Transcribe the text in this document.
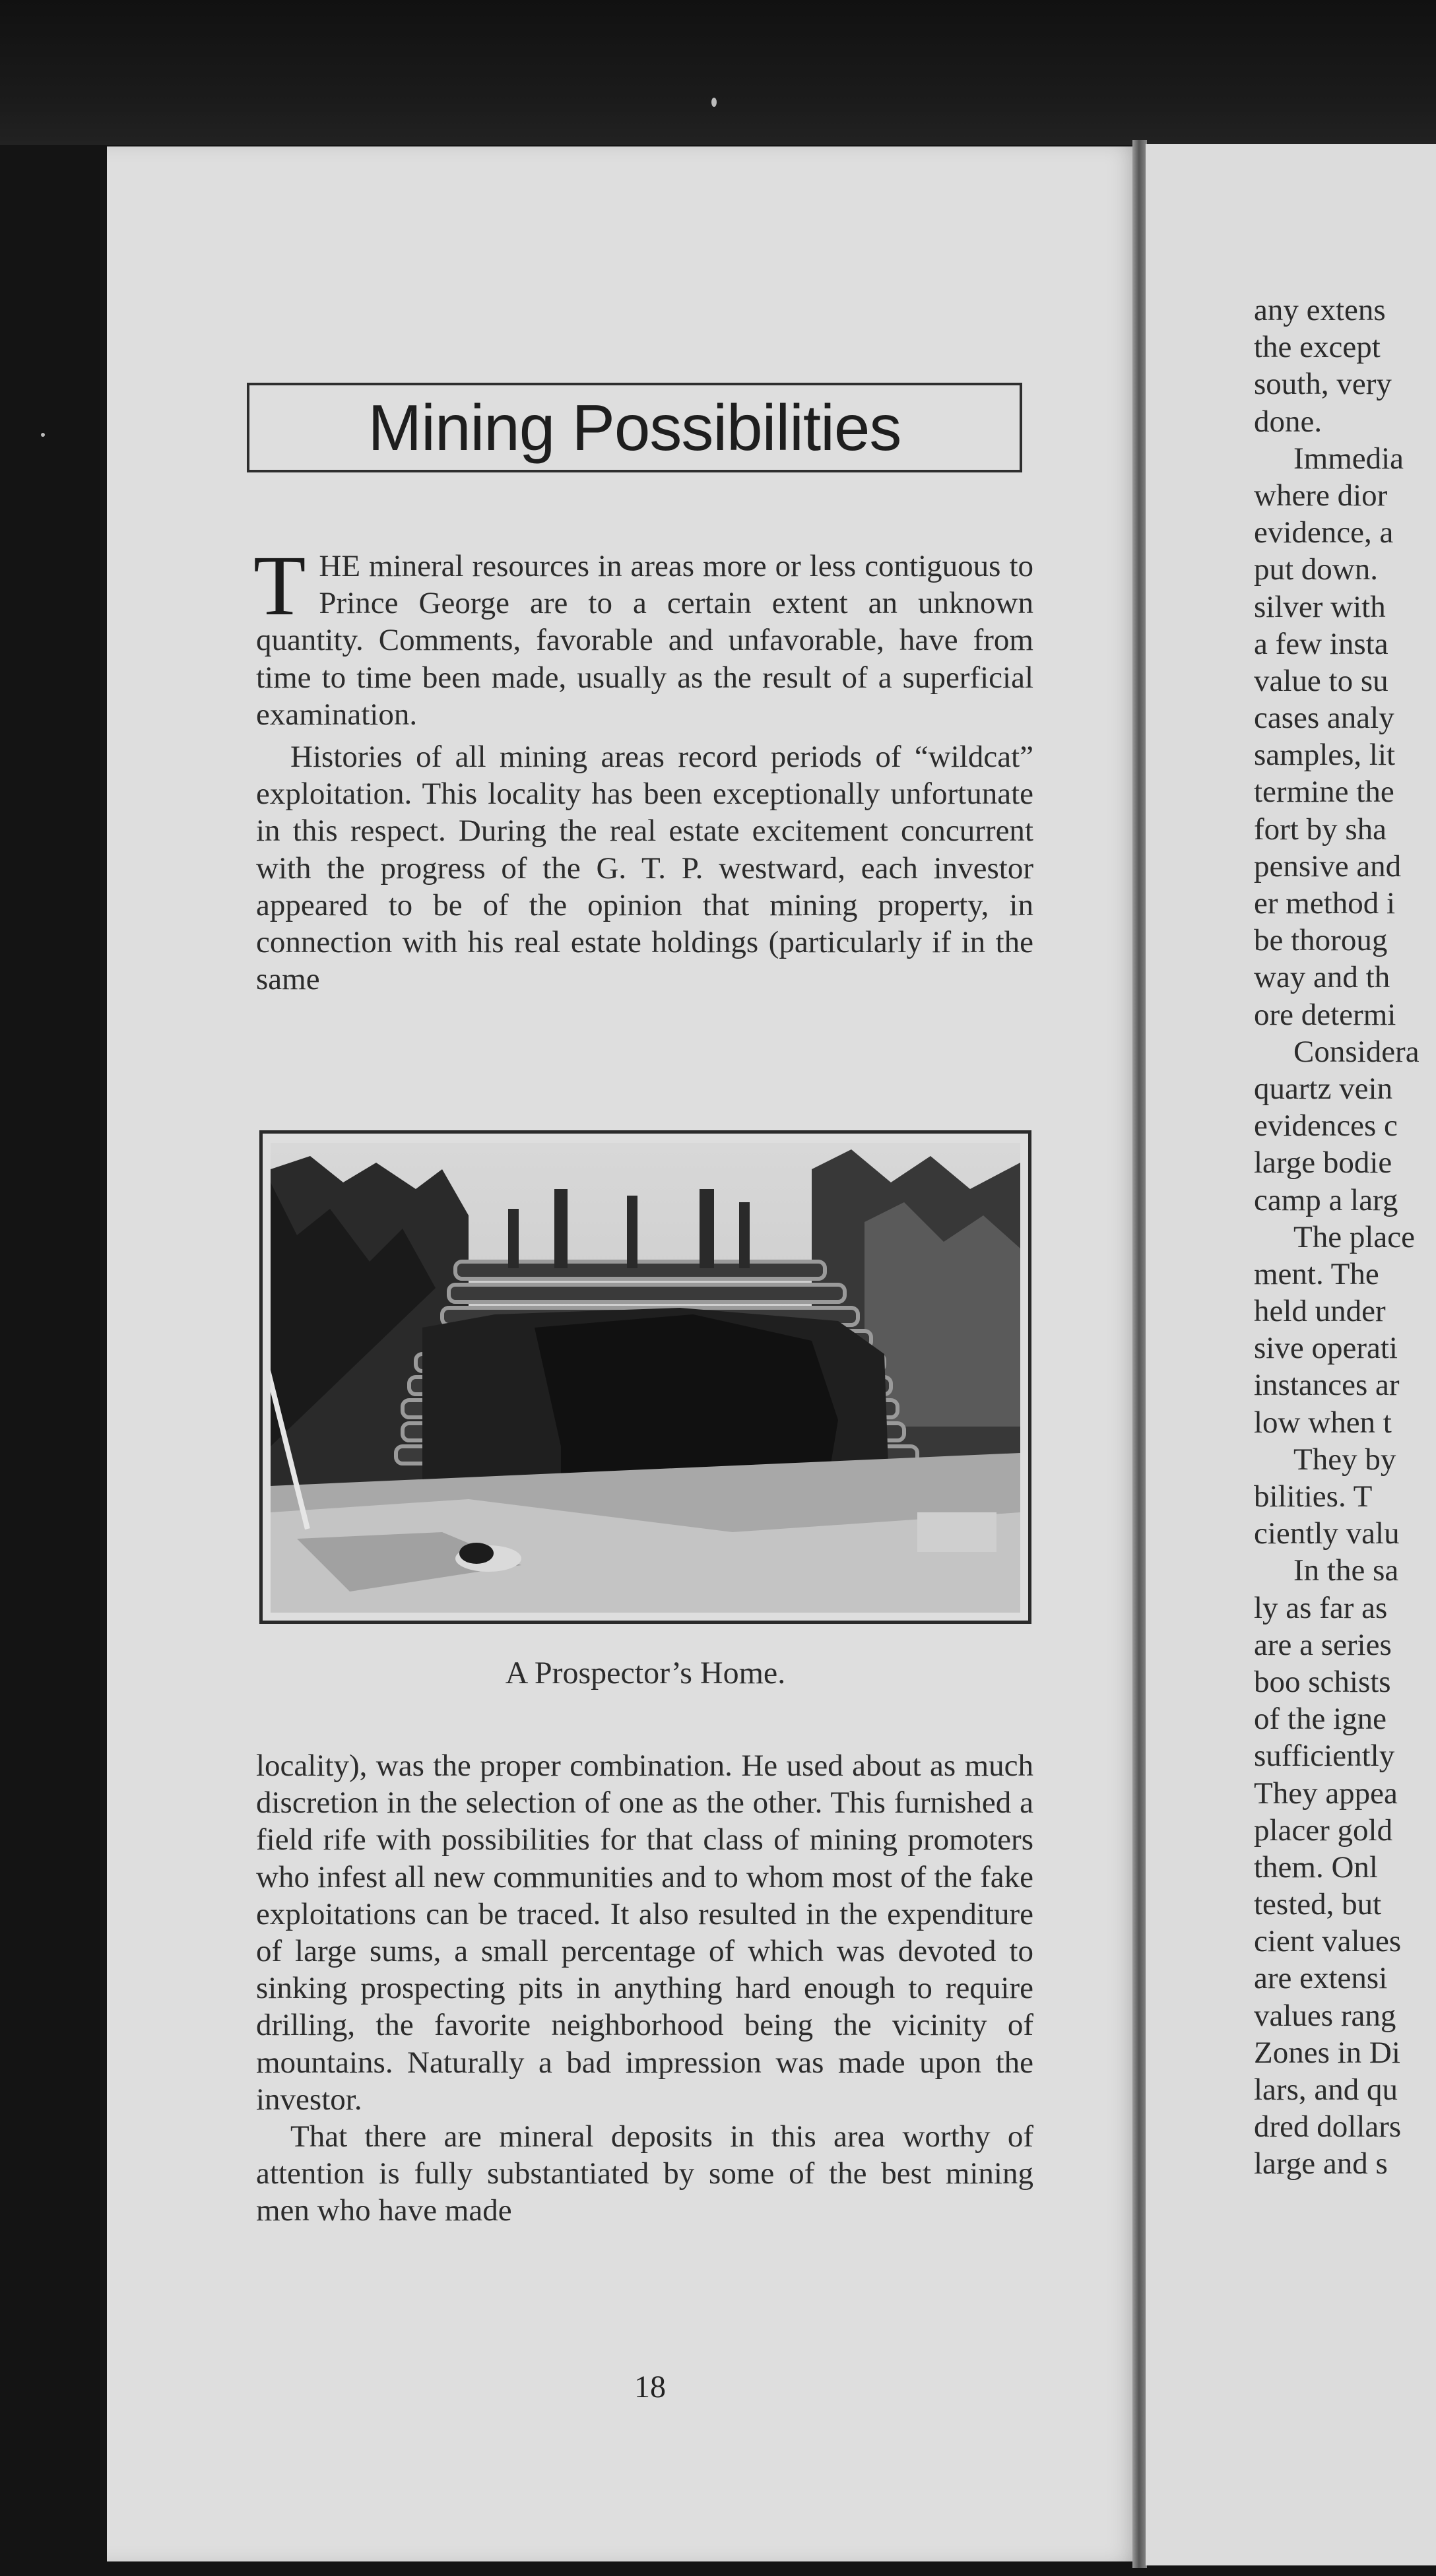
Mining Possibilities

THE mineral resources in areas more or less contiguous to Prince George are to a certain extent an unknown quantity. Comments, favorable and unfavorable, have from time to time been made, usually as the result of a superficial examination.

Histories of all mining areas record periods of “wildcat” exploitation. This locality has been exceptionally unfortunate in this respect. During the real estate excitement concurrent with the progress of the G. T. P. westward, each investor appeared to be of the opinion that mining property, in connection with his real estate holdings (particularly if in the same

A Prospector’s Home.

locality), was the proper combination. He used about as much discretion in the selection of one as the other. This furnished a field rife with possibilities for that class of mining promoters who infest all new communities and to whom most of the fake exploitations can be traced. It also resulted in the expenditure of large sums, a small percentage of which was devoted to sinking prospecting pits in anything hard enough to require drilling, the favorite neighborhood being the vicinity of mountains. Naturally a bad impression was made upon the investor.

That there are mineral deposits in this area worthy of attention is fully substantiated by some of the best mining men who have made

18
any extens
the except
south, very
done.
Immedia
where dior
evidence, a
put down.
silver with
a few insta
value to su
cases analy
samples, lit
termine the
fort by sha
pensive and
er method i
be thoroug
way and th
ore determi
Considera
quartz vein
evidences c
large bodie
camp a larg
The place
ment. The
held under
sive operati
instances ar
low when t
They by
bilities. T
ciently valu
In the sa
ly as far as
are a series
boo schists
of the igne
sufficiently
They appea
placer gold
them. Onl
tested, but
cient values
are extensi
values rang
Zones in Di
lars, and qu
dred dollars
large and s
